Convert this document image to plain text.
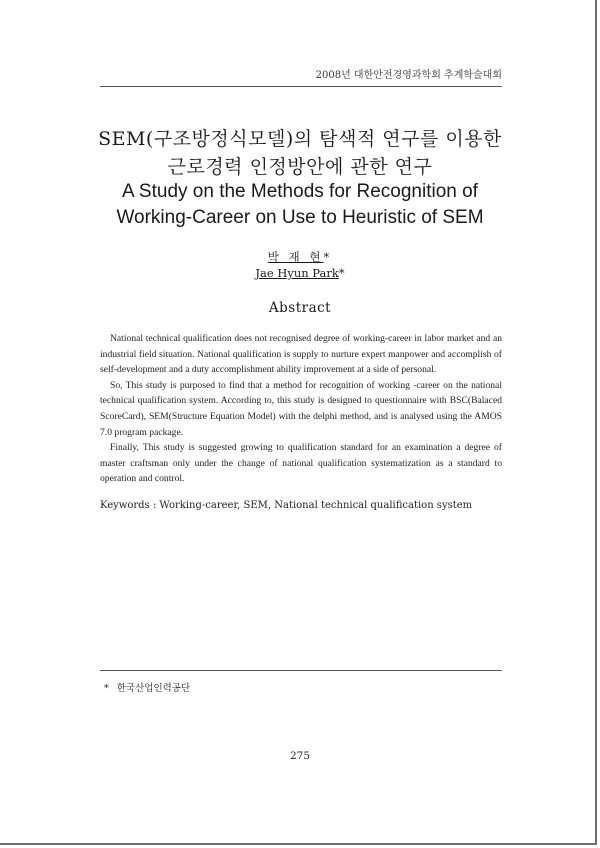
2008년 대한안전경영과학회 추계학술대회
SEM(구조방정식모델)의 탐색적 연구를 이용한
근로경력 인정방안에 관한 연구
A Study on the Methods for Recognition of
Working-Career on Use to Heuristic of SEM
박 재 현*
Jae Hyun Park*
Abstract

National technical qualification does not recognised degree of working-career in labor market and an industrial field situation. National qualification is supply to nurture expert manpower and accomplish of self-development and a duty accomplishment ability improvement at a side of personal.

So, This study is purposed to find that a method for recognition of working -career on the national technical qualification system. According to, this study is designed to questionnaire with BSC(Balaced ScoreCard), SEM(Structure Equation Model) with the delphi method, and is analysed using the AMOS 7.0 program package.

Finally, This study is suggested growing to qualification standard for an examination a degree of master craftsman only under the change of national qualification systematization as a standard to operation and control.

Keywords : Working-career, SEM, National technical qualification system
* 한국산업인력공단
275
